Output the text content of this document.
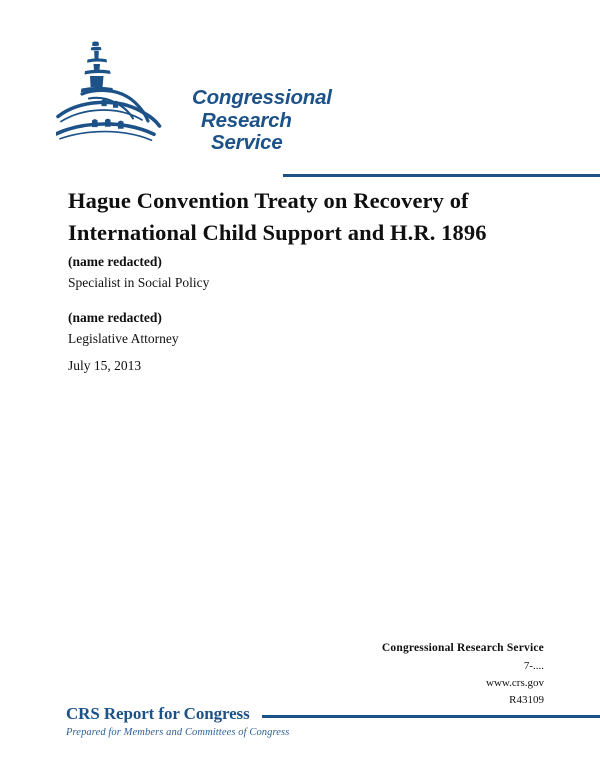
Congressional
Research
Service
Hague Convention Treaty on Recovery of
International Child Support and H.R. 1896
(name redacted)
Specialist in Social Policy
(name redacted)
Legislative Attorney
July 15, 2013
Congressional Research Service
7-....
www.crs.gov
R43109
CRS Report for Congress
Prepared for Members and Committees of Congress
